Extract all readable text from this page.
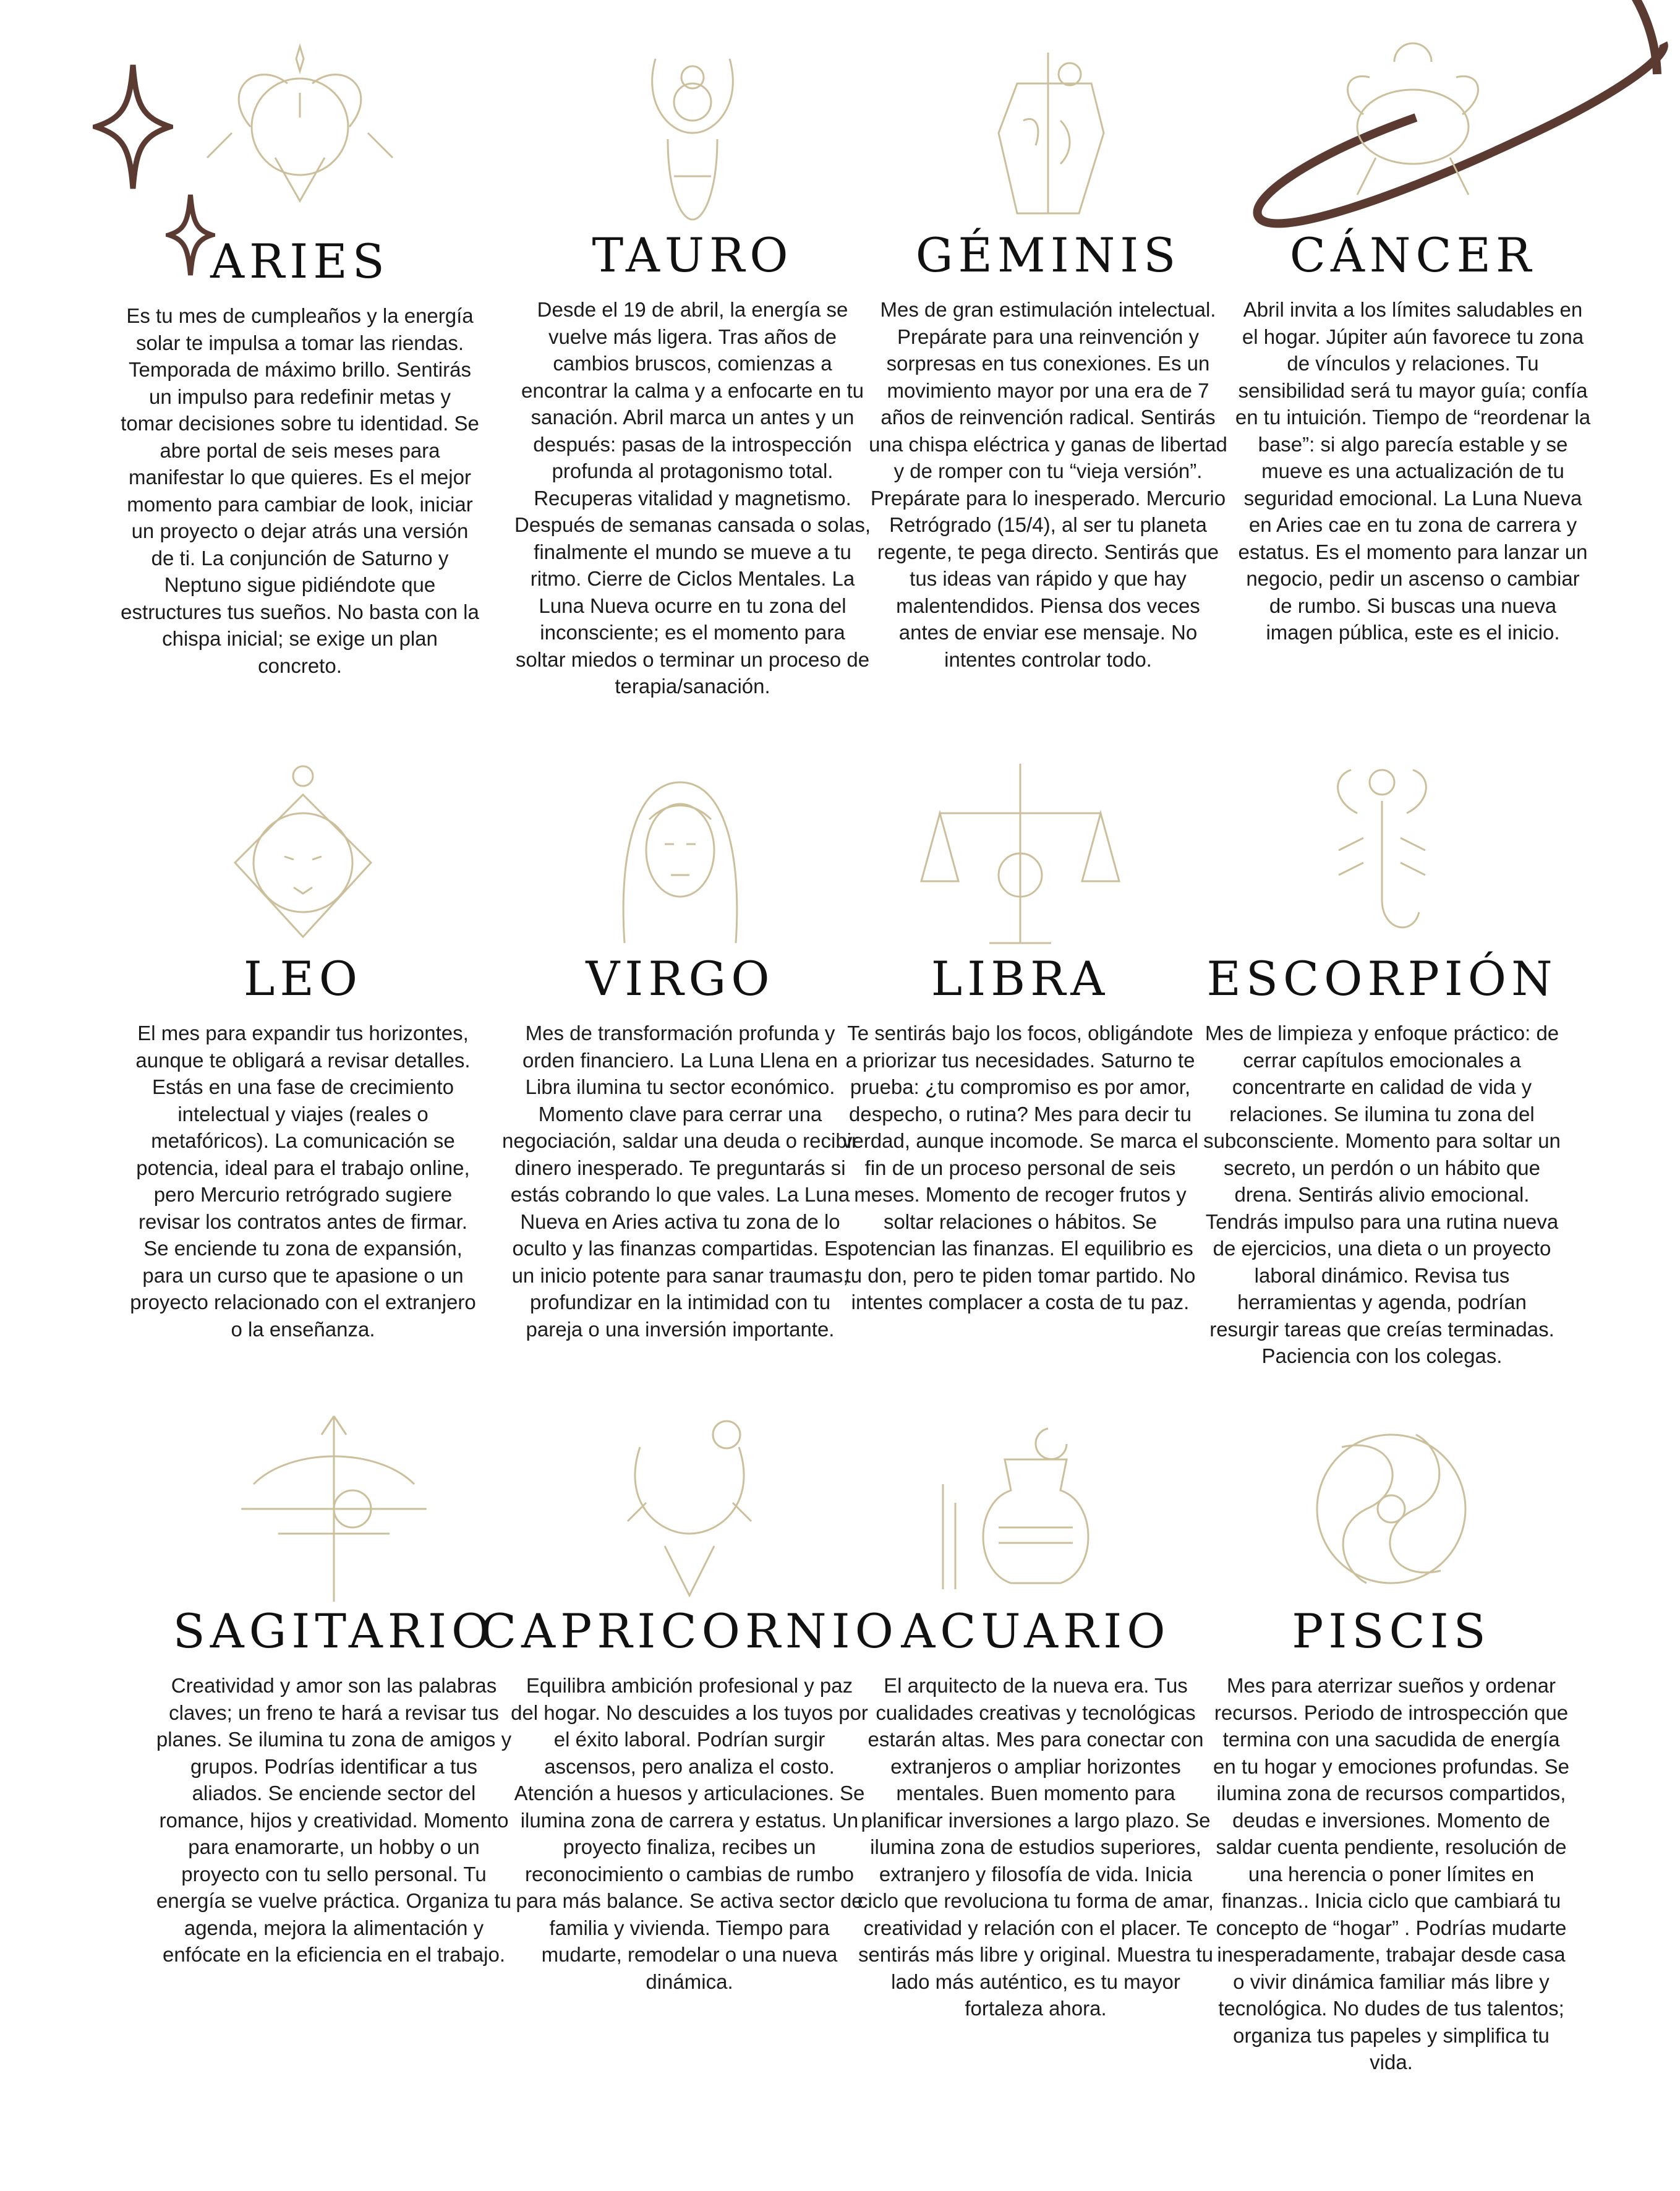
ARIES

Es tu mes de cumpleaños y la energía solar te impulsa a tomar las riendas. Temporada de máximo brillo. Sentirás un impulso para redefinir metas y tomar decisiones sobre tu identidad. Se abre portal de seis meses para manifestar lo que quieres. Es el mejor momento para cambiar de look, iniciar un proyecto o dejar atrás una versión de ti. La conjunción de Saturno y Neptuno sigue pidiéndote que estructures tus sueños. No basta con la chispa inicial; se exige un plan concreto.

TAURO

Desde el 19 de abril, la energía se vuelve más ligera. Tras años de cambios bruscos, comienzas a encontrar la calma y a enfocarte en tu sanación. Abril marca un antes y un después: pasas de la introspección profunda al protagonismo total. Recuperas vitalidad y magnetismo. Después de semanas cansada o solas, finalmente el mundo se mueve a tu ritmo. Cierre de Ciclos Mentales. La Luna Nueva ocurre en tu zona del inconsciente; es el momento para soltar miedos o terminar un proceso de terapia/sanación.

GÉMINIS

Mes de gran estimulación intelectual. Prepárate para una reinvención y sorpresas en tus conexiones. Es un movimiento mayor por una era de 7 años de reinvención radical. Sentirás una chispa eléctrica y ganas de libertad y de romper con tu “vieja versión”. Prepárate para lo inesperado. Mercurio Retrógrado (15/4), al ser tu planeta regente, te pega directo. Sentirás que tus ideas van rápido y que hay malentendidos. Piensa dos veces antes de enviar ese mensaje. No intentes controlar todo.

CÁNCER

Abril invita a los límites saludables en el hogar. Júpiter aún favorece tu zona de vínculos y relaciones. Tu sensibilidad será tu mayor guía; confía en tu intuición. Tiempo de “reordenar la base”: si algo parecía estable y se mueve es una actualización de tu seguridad emocional. La Luna Nueva en Aries cae en tu zona de carrera y estatus. Es el momento para lanzar un negocio, pedir un ascenso o cambiar de rumbo. Si buscas una nueva imagen pública, este es el inicio.

LEO

El mes para expandir tus horizontes, aunque te obligará a revisar detalles. Estás en una fase de crecimiento intelectual y viajes (reales o metafóricos). La comunicación se potencia, ideal para el trabajo online, pero Mercurio retrógrado sugiere revisar los contratos antes de firmar. Se enciende tu zona de expansión, para un curso que te apasione o un proyecto relacionado con el extranjero o la enseñanza.

VIRGO

Mes de transformación profunda y orden financiero. La Luna Llena en Libra ilumina tu sector económico. Momento clave para cerrar una negociación, saldar una deuda o recibir dinero inesperado. Te preguntarás si estás cobrando lo que vales. La Luna Nueva en Aries activa tu zona de lo oculto y las finanzas compartidas. Es un inicio potente para sanar traumas, profundizar en la intimidad con tu pareja o una inversión importante.

LIBRA

Te sentirás bajo los focos, obligándote a priorizar tus necesidades. Saturno te prueba: ¿tu compromiso es por amor, despecho, o rutina? Mes para decir tu verdad, aunque incomode. Se marca el fin de un proceso personal de seis meses. Momento de recoger frutos y soltar relaciones o hábitos. Se potencian las finanzas. El equilibrio es tu don, pero te piden tomar partido. No intentes complacer a costa de tu paz.

ESCORPIÓN

Mes de limpieza y enfoque práctico: de cerrar capítulos emocionales a concentrarte en calidad de vida y relaciones. Se ilumina tu zona del subconsciente. Momento para soltar un secreto, un perdón o un hábito que drena. Sentirás alivio emocional. Tendrás impulso para una rutina nueva de ejercicios, una dieta o un proyecto laboral dinámico. Revisa tus herramientas y agenda, podrían resurgir tareas que creías terminadas. Paciencia con los colegas.

SAGITARIO

Creatividad y amor son las palabras claves; un freno te hará a revisar tus planes. Se ilumina tu zona de amigos y grupos. Podrías identificar a tus aliados. Se enciende sector del romance, hijos y creatividad. Momento para enamorarte, un hobby o un proyecto con tu sello personal. Tu energía se vuelve práctica. Organiza tu agenda, mejora la alimentación y enfócate en la eficiencia en el trabajo.

CAPRICORNIO

Equilibra ambición profesional y paz del hogar. No descuides a los tuyos por el éxito laboral. Podrían surgir ascensos, pero analiza el costo. Atención a huesos y articulaciones. Se ilumina zona de carrera y estatus. Un proyecto finaliza, recibes un reconocimiento o cambias de rumbo para más balance. Se activa sector de familia y vivienda. Tiempo para mudarte, remodelar o una nueva dinámica.

ACUARIO

El arquitecto de la nueva era. Tus cualidades creativas y tecnológicas estarán altas. Mes para conectar con extranjeros o ampliar horizontes mentales. Buen momento para planificar inversiones a largo plazo. Se ilumina zona de estudios superiores, extranjero y filosofía de vida. Inicia ciclo que revoluciona tu forma de amar, creatividad y relación con el placer. Te sentirás más libre y original. Muestra tu lado más auténtico, es tu mayor fortaleza ahora.

PISCIS

Mes para aterrizar sueños y ordenar recursos. Periodo de introspección que termina con una sacudida de energía en tu hogar y emociones profundas. Se ilumina zona de recursos compartidos, deudas e inversiones. Momento de saldar cuenta pendiente, resolución de una herencia o poner límites en finanzas.. Inicia ciclo que cambiará tu concepto de “hogar” . Podrías mudarte inesperadamente, trabajar desde casa o vivir dinámica familiar más libre y tecnológica. No dudes de tus talentos; organiza tus papeles y simplifica tu vida.
